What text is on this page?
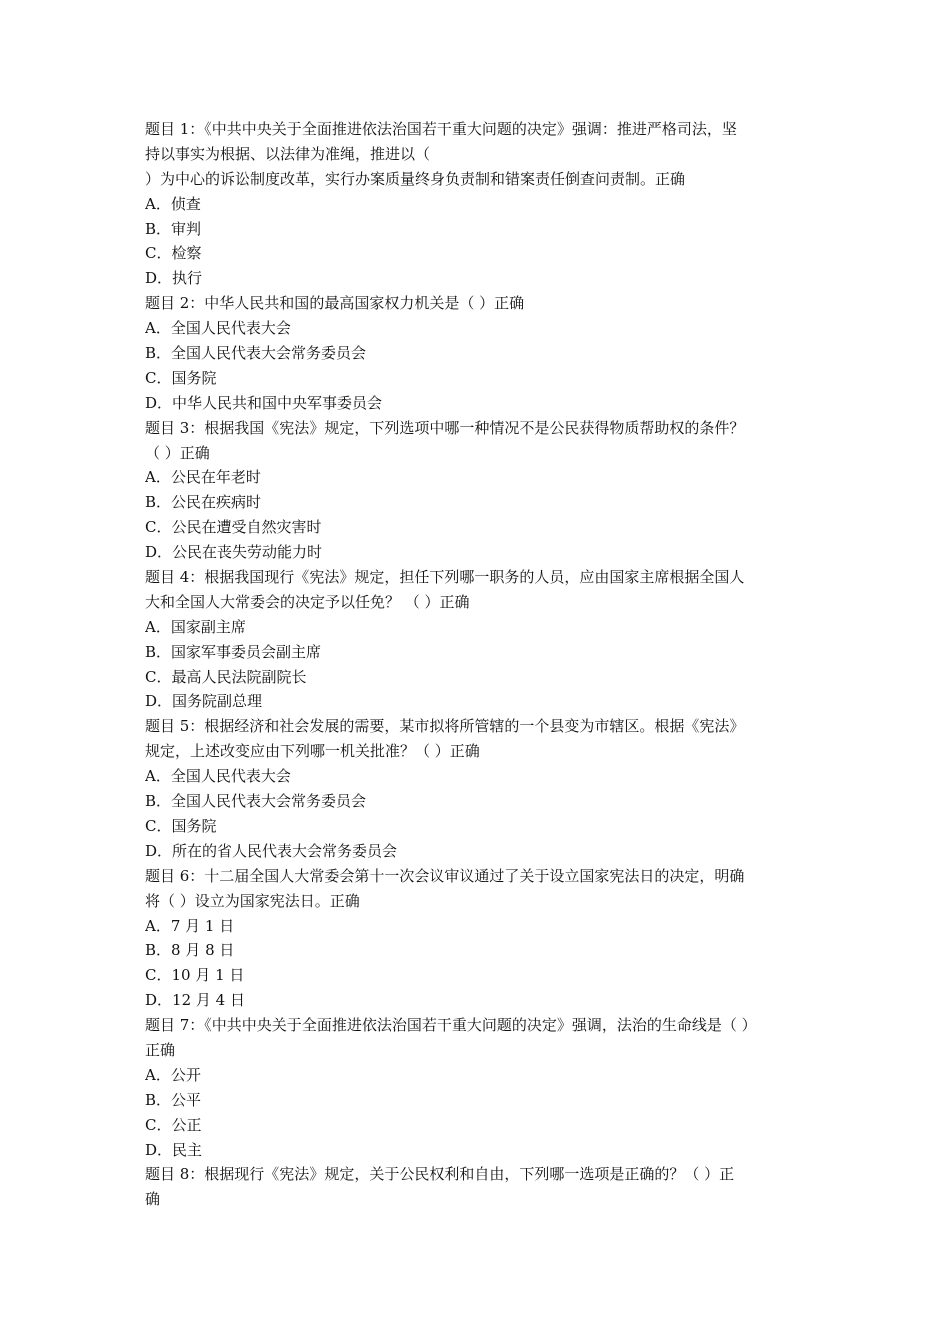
题目 1：《中共中央关于全面推进依法治国若干重大问题的决定》强调：推进严格司法，坚
持以事实为根据、以法律为准绳，推进以（
）为中心的诉讼制度改革，实行办案质量终身负责制和错案责任倒查问责制。正确
A．侦查
B．审判
C．检察
D．执行
题目 2：中华人民共和国的最高国家权力机关是（ ）正确
A．全国人民代表大会
B．全国人民代表大会常务委员会
C．国务院
D．中华人民共和国中央军事委员会
题目 3：根据我国《宪法》规定，下列选项中哪一种情况不是公民获得物质帮助权的条件？
（ ）正确
A．公民在年老时
B．公民在疾病时
C．公民在遭受自然灾害时
D．公民在丧失劳动能力时
题目 4：根据我国现行《宪法》规定，担任下列哪一职务的人员，应由国家主席根据全国人
大和全国人大常委会的决定予以任免？ （ ）正确
A．国家副主席
B．国家军事委员会副主席
C．最高人民法院副院长
D．国务院副总理
题目 5：根据经济和社会发展的需要，某市拟将所管辖的一个县变为市辖区。根据《宪法》
规定，上述改变应由下列哪一机关批准？（ ）正确
A．全国人民代表大会
B．全国人民代表大会常务委员会
C．国务院
D．所在的省人民代表大会常务委员会
题目 6：十二届全国人大常委会第十一次会议审议通过了关于设立国家宪法日的决定，明确
将（ ）设立为国家宪法日。正确
A．7 月 1 日
B．8 月 8 日
C．10 月 1 日
D．12 月 4 日
题目 7：《中共中央关于全面推进依法治国若干重大问题的决定》强调，法治的生命线是（ ）
正确
A．公开
B．公平
C．公正
D．民主
题目 8：根据现行《宪法》规定，关于公民权利和自由，下列哪一选项是正确的？（ ）正
确
